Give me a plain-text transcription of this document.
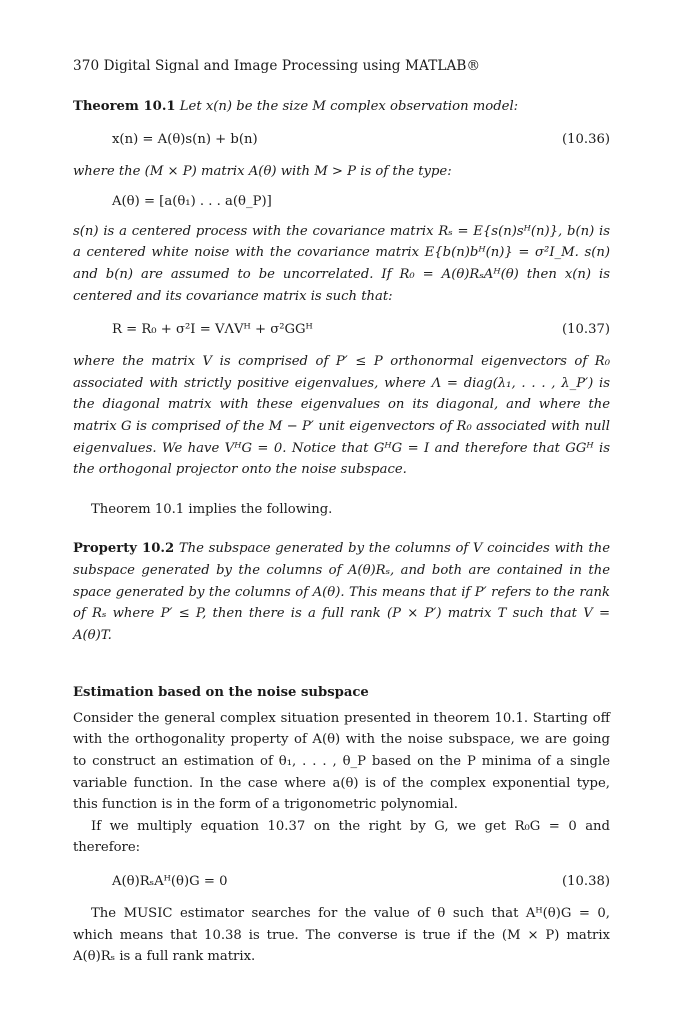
370 Digital Signal and Image Processing using MATLAB®

Theorem 10.1 Let x(n) be the size M complex observation model:

x(n) = A(θ)s(n) + b(n)	(10.36)

where the (M × P) matrix A(θ) with M > P is of the type:

A(θ) = [a(θ₁) . . . a(θ_P)]

s(n) is a centered process with the covariance matrix Rₛ = E{s(n)sᴴ(n)}, b(n) is a centered white noise with the covariance matrix E{b(n)bᴴ(n)} = σ²I_M. s(n) and b(n) are assumed to be uncorrelated. If R₀ = A(θ)RₛAᴴ(θ) then x(n) is centered and its covariance matrix is such that:

R = R₀ + σ²I = VΛVᴴ + σ²GGᴴ	(10.37)

where the matrix V is comprised of P′ ≤ P orthonormal eigenvectors of R₀ associated with strictly positive eigenvalues, where Λ = diag(λ₁, . . . , λ_P′) is the diagonal matrix with these eigenvalues on its diagonal, and where the matrix G is comprised of the M − P′ unit eigenvectors of R₀ associated with null eigenvalues. We have VᴴG = 0. Notice that GᴴG = I and therefore that GGᴴ is the orthogonal projector onto the noise subspace.

Theorem 10.1 implies the following.

Property 10.2 The subspace generated by the columns of V coincides with the subspace generated by the columns of A(θ)Rₛ, and both are contained in the space generated by the columns of A(θ). This means that if P′ refers to the rank of Rₛ where P′ ≤ P, then there is a full rank (P × P′) matrix T such that V = A(θ)T.

Estimation based on the noise subspace

Consider the general complex situation presented in theorem 10.1. Starting off with the orthogonality property of A(θ) with the noise subspace, we are going to construct an estimation of θ₁, . . . , θ_P based on the P minima of a single variable function. In the case where a(θ) is of the complex exponential type, this function is in the form of a trigonometric polynomial.

If we multiply equation 10.37 on the right by G, we get R₀G = 0 and therefore:

A(θ)RₛAᴴ(θ)G = 0	(10.38)

The MUSIC estimator searches for the value of θ such that Aᴴ(θ)G = 0, which means that 10.38 is true. The converse is true if the (M × P) matrix A(θ)Rₛ is a full rank matrix.
